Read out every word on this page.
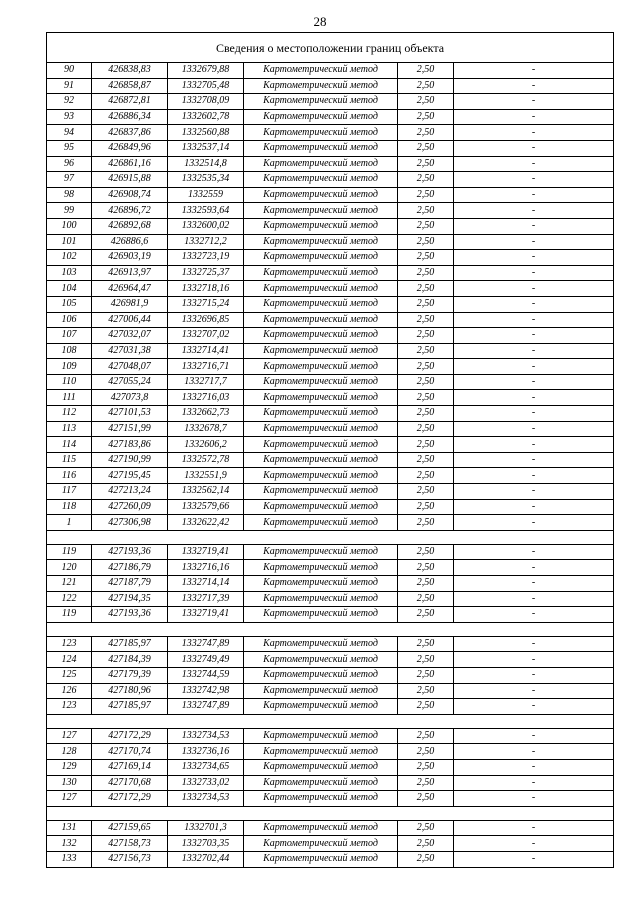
28
Сведения о местоположении границ объекта					
90	426838,83	1332679,88	Картометрический метод	2,50	-
91	426858,87	1332705,48	Картометрический метод	2,50	-
92	426872,81	1332708,09	Картометрический метод	2,50	-
93	426886,34	1332602,78	Картометрический метод	2,50	-
94	426837,86	1332560,88	Картометрический метод	2,50	-
95	426849,96	1332537,14	Картометрический метод	2,50	-
96	426861,16	1332514,8	Картометрический метод	2,50	-
97	426915,88	1332535,34	Картометрический метод	2,50	-
98	426908,74	1332559	Картометрический метод	2,50	-
99	426896,72	1332593,64	Картометрический метод	2,50	-
100	426892,68	1332600,02	Картометрический метод	2,50	-
101	426886,6	1332712,2	Картометрический метод	2,50	-
102	426903,19	1332723,19	Картометрический метод	2,50	-
103	426913,97	1332725,37	Картометрический метод	2,50	-
104	426964,47	1332718,16	Картометрический метод	2,50	-
105	426981,9	1332715,24	Картометрический метод	2,50	-
106	427006,44	1332696,85	Картометрический метод	2,50	-
107	427032,07	1332707,02	Картометрический метод	2,50	-
108	427031,38	1332714,41	Картометрический метод	2,50	-
109	427048,07	1332716,71	Картометрический метод	2,50	-
110	427055,24	1332717,7	Картометрический метод	2,50	-
111	427073,8	1332716,03	Картометрический метод	2,50	-
112	427101,53	1332662,73	Картометрический метод	2,50	-
113	427151,99	1332678,7	Картометрический метод	2,50	-
114	427183,86	1332606,2	Картометрический метод	2,50	-
115	427190,99	1332572,78	Картометрический метод	2,50	-
116	427195,45	1332551,9	Картометрический метод	2,50	-
117	427213,24	1332562,14	Картометрический метод	2,50	-
118	427260,09	1332579,66	Картометрический метод	2,50	-
1	427306,98	1332622,42	Картометрический метод	2,50	-

119	427193,36	1332719,41	Картометрический метод	2,50	-
120	427186,79	1332716,16	Картометрический метод	2,50	-
121	427187,79	1332714,14	Картометрический метод	2,50	-
122	427194,35	1332717,39	Картометрический метод	2,50	-
119	427193,36	1332719,41	Картометрический метод	2,50	-

123	427185,97	1332747,89	Картометрический метод	2,50	-
124	427184,39	1332749,49	Картометрический метод	2,50	-
125	427179,39	1332744,59	Картометрический метод	2,50	-
126	427180,96	1332742,98	Картометрический метод	2,50	-
123	427185,97	1332747,89	Картометрический метод	2,50	-

127	427172,29	1332734,53	Картометрический метод	2,50	-
128	427170,74	1332736,16	Картометрический метод	2,50	-
129	427169,14	1332734,65	Картометрический метод	2,50	-
130	427170,68	1332733,02	Картометрический метод	2,50	-
127	427172,29	1332734,53	Картометрический метод	2,50	-

131	427159,65	1332701,3	Картометрический метод	2,50	-
132	427158,73	1332703,35	Картометрический метод	2,50	-
133	427156,73	1332702,44	Картометрический метод	2,50	-
